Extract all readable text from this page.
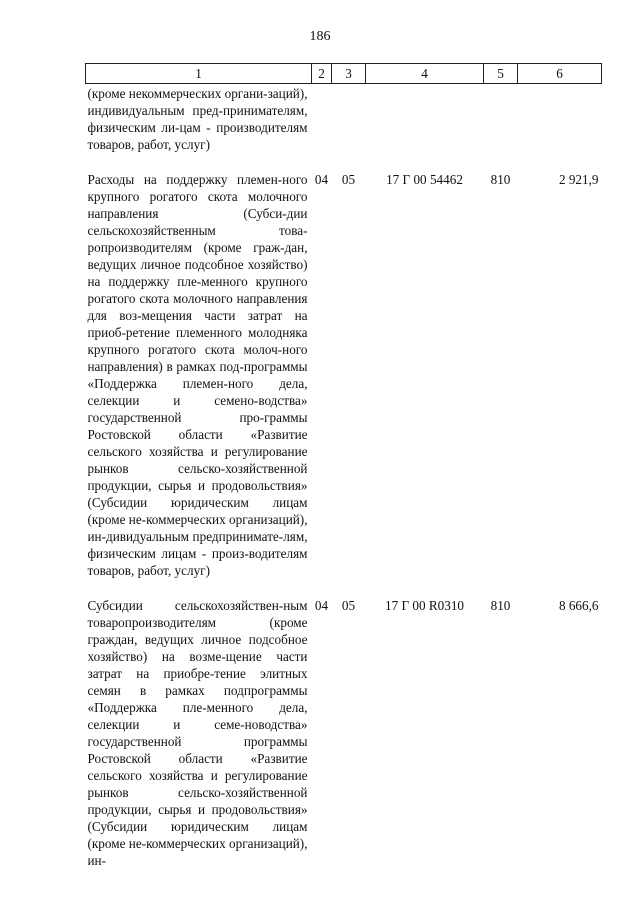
186
1	2	3	4	5	6
(кроме некоммерческих органи-заций), индивидуальным пред-принимателям, физическим ли-цам - производителям товаров, работ, услуг)					
Расходы на поддержку племен-ного крупного рогатого скота молочного направления (Субси-дии сельскохозяйственным това-ропроизводителям (кроме граж-дан, ведущих личное подсобное хозяйство) на поддержку пле-менного крупного рогатого скота молочного направления для воз-мещения части затрат на приоб-ретение племенного молодняка крупного рогатого скота молоч-ного направления) в рамках под-программы «Поддержка племен-ного дела, селекции и семено-водства» государственной про-граммы Ростовской области «Развитие сельского хозяйства и регулирование рынков сельско-хозяйственной продукции, сырья и продовольствия» (Субсидии юридическим лицам (кроме не-коммерческих организаций), ин-дивидуальным предпринимате-лям, физическим лицам - произ-водителям товаров, работ, услуг)	04	05	17 Г 00 54462	810	2 921,9
Субсидии сельскохозяйствен-ным товаропроизводителям (кроме граждан, ведущих личное подсобное хозяйство) на возме-щение части затрат на приобре-тение элитных семян в рамках подпрограммы «Поддержка пле-менного дела, селекции и семе-новодства» государственной программы Ростовской области «Развитие сельского хозяйства и регулирование рынков сельско-хозяйственной продукции, сырья и продовольствия» (Субсидии юридическим лицам (кроме не-коммерческих организаций), ин-	04	05	17 Г 00 R0310	810	8 666,6
